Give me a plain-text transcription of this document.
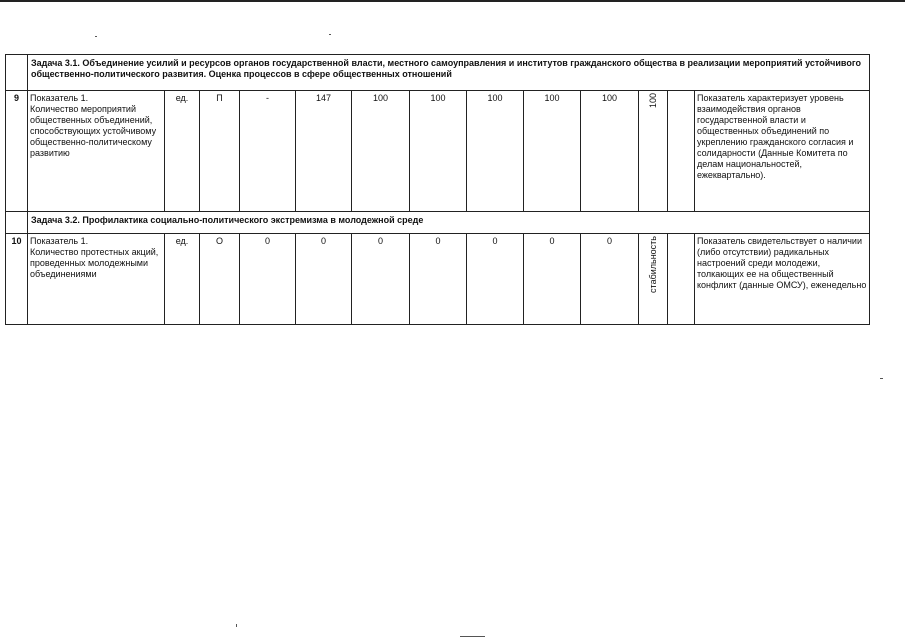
	Задача 3.1. Объединение усилий и ресурсов органов государственной власти, местного самоуправления и институтов гражданского общества в реализации мероприятий устойчивого общественно-политического развития. Оценка процессов в сфере общественных отношений												
9	Показатель 1.
Количество мероприятий общественных объединений, способствующих устойчивому общественно-политическому развитию	ед.	П	-	147	100	100	100	100	100	100		Показатель характеризует уровень взаимодействия органов государственной власти и общественных объединений по укреплению гражданского согласия и солидарности (Данные Комитета по делам национальностей, ежеквартально).
	Задача 3.2. Профилактика социально-политического экстремизма в молодежной среде												
10	Показатель 1.
Количество протестных акций, проведенных молодежными объединениями	ед.	О	0	0	0	0	0	0	0	стабильность		Показатель свидетельствует о наличии (либо отсутствии) радикальных настроений среди молодежи, толкающих ее на общественный конфликт (данные ОМСУ), еженедельно
